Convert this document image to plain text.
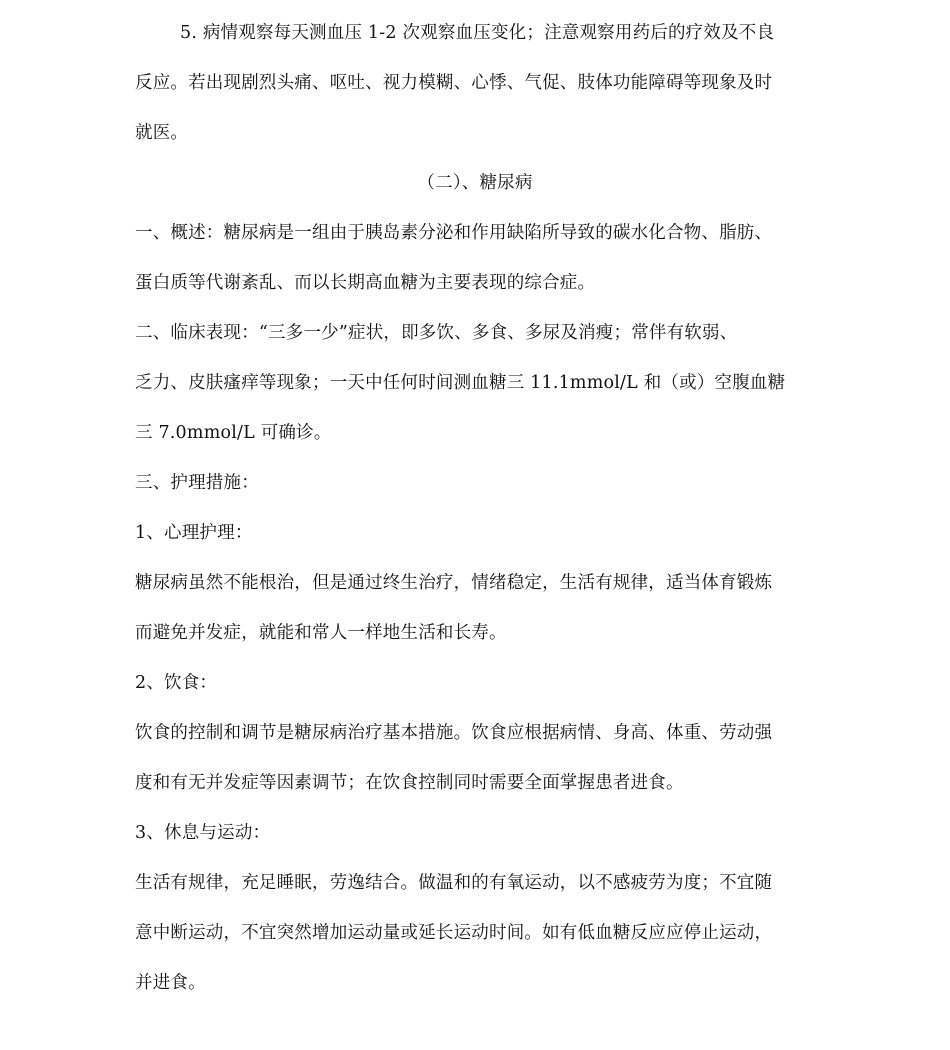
5. 病情观察每天测血压 1-2 次观察血压变化；注意观察用药后的疗效及不良
反应。若出现剧烈头痛、呕吐、视力模糊、心悸、气促、肢体功能障碍等现象及时
就医。
（二）、糖尿病
一、概述：糖尿病是一组由于胰岛素分泌和作用缺陷所导致的碳水化合物、脂肪、
蛋白质等代谢紊乱、而以长期高血糖为主要表现的综合症。
二、临床表现：“三多一少”症状，即多饮、多食、多尿及消瘦；常伴有软弱、
乏力、皮肤瘙痒等现象；一天中任何时间测血糖三 11.1mmol/L 和（或）空腹血糖
三 7.0mmol/L 可确诊。
三、护理措施：
1、心理护理：
糖尿病虽然不能根治，但是通过终生治疗，情绪稳定，生活有规律，适当体育锻炼
而避免并发症，就能和常人一样地生活和长寿。
2、饮食：
饮食的控制和调节是糖尿病治疗基本措施。饮食应根据病情、身高、体重、劳动强
度和有无并发症等因素调节；在饮食控制同时需要全面掌握患者进食。
3、休息与运动：
生活有规律，充足睡眠，劳逸结合。做温和的有氧运动，以不感疲劳为度；不宜随
意中断运动，不宜突然增加运动量或延长运动时间。如有低血糖反应应停止运动，
并进食。
